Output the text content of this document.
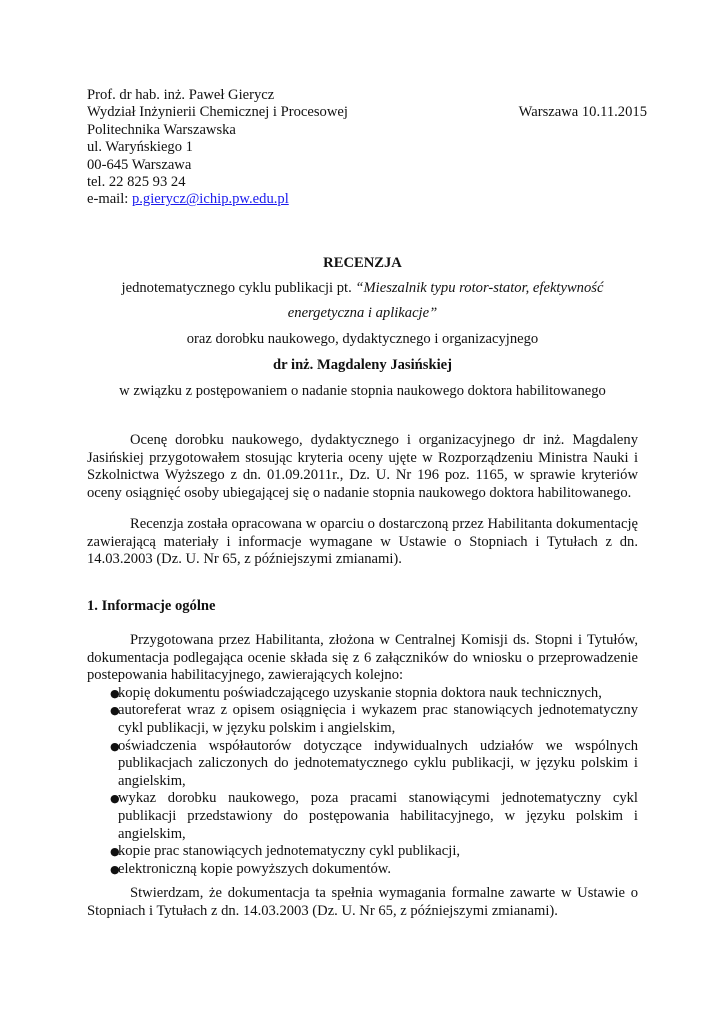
Prof. dr hab. inż. Paweł Gierycz
Wydział Inżynierii Chemicznej i Procesowej	Warszawa 10.11.2015
Politechnika Warszawska
ul. Waryńskiego 1
00-645 Warszawa
tel. 22 825 93 24
e-mail: p.gierycz@ichip.pw.edu.pl
RECENZJA
jednotematycznego cyklu publikacji pt. “Mieszalnik typu rotor-stator, efektywność
energetyczna i aplikacje”
oraz dorobku naukowego, dydaktycznego i organizacyjnego
dr inż. Magdaleny Jasińskiej
w związku z postępowaniem o nadanie stopnia naukowego doktora habilitowanego
Ocenę dorobku naukowego, dydaktycznego i organizacyjnego dr inż. Magdaleny Jasińskiej przygotowałem stosując kryteria oceny ujęte w Rozporządzeniu Ministra Nauki i Szkolnictwa Wyższego z dn. 01.09.2011r., Dz. U. Nr 196 poz. 1165, w sprawie kryteriów oceny osiągnięć osoby ubiegającej się o nadanie stopnia naukowego doktora habilitowanego.
Recenzja została opracowana w oparciu o dostarczoną przez Habilitanta dokumentację zawierającą materiały i informacje wymagane w Ustawie o Stopniach i Tytułach z dn. 14.03.2003 (Dz. U. Nr 65, z późniejszymi zmianami).
1. Informacje ogólne
Przygotowana przez Habilitanta, złożona w Centralnej Komisji ds. Stopni i Tytułów, dokumentacja podlegająca ocenie składa się z 6 załączników do wniosku o przeprowadzenie postepowania habilitacyjnego, zawierających kolejno:
●
kopię dokumentu poświadczającego uzyskanie stopnia doktora nauk technicznych,
●
autoreferat wraz z opisem osiągnięcia i wykazem prac stanowiących jednotematyczny cykl publikacji, w języku polskim i angielskim,
●
oświadczenia współautorów dotyczące indywidualnych udziałów we wspólnych publikacjach zaliczonych do jednotematycznego cyklu publikacji, w języku polskim i angielskim,
●
wykaz dorobku naukowego, poza pracami stanowiącymi jednotematyczny cykl publikacji przedstawiony do postępowania habilitacyjnego, w języku polskim i angielskim,
●
kopie prac stanowiących jednotematyczny cykl publikacji,
●
elektroniczną kopie powyższych dokumentów.
Stwierdzam, że dokumentacja ta spełnia wymagania formalne zawarte w Ustawie o Stopniach i Tytułach z dn. 14.03.2003 (Dz. U. Nr 65, z późniejszymi zmianami).
